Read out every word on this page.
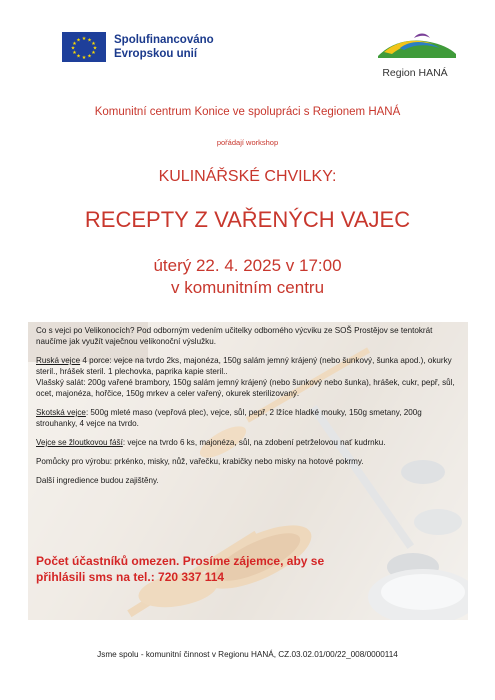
★ ★
★
★
★
★
★
★
★
★
★
★	Spolufinancováno
Evropskou unií
Region HANÁ
Komunitní centrum Konice ve spolupráci s Regionem HANÁ
pořádají workshop
KULINÁŘSKÉ CHVILKY:
RECEPTY Z VAŘENÝCH VAJEC
úterý 22. 4. 2025 v 17:00
v komunitním centru

Co s vejci po Velikonocích? Pod odborným vedením učitelky odborného výcviku ze SOŠ Prostějov se tentokrát naučíme jak využít vaječnou velikonoční výslužku.

Ruská vejce 4 porce: vejce na tvrdo 2ks, majonéza, 150g salám jemný krájený (nebo šunkový, šunka apod.), okurky steril., hrášek steril. 1 plechovka, paprika kapie steril..

Vlašský salát: 200g vařené brambory, 150g salám jemný krájený (nebo šunkový nebo šunka), hrášek, cukr, pepř, sůl, ocet, majonéza, hořčice, 150g mrkev a celer vařený, okurek sterilizovaný.

Skotská vejce: 500g mleté maso (vepřová plec), vejce, sůl, pepř, 2 lžíce hladké mouky, 150g smetany, 200g strouhanky, 4 vejce na tvrdo.

Vejce se žloutkovou fáší: vejce na tvrdo 6 ks, majonéza, sůl, na zdobení petrželovou nať kudrnku.

Pomůcky pro výrobu: prkénko, misky, nůž, vařečku, krabičky nebo misky na hotové pokrmy.

Další ingredience budou zajištěny.

Počet účastníků omezen. Prosíme zájemce, aby se
přihlásili sms na tel.: 720 337 114
Jsme spolu - komunitní činnost v Regionu HANÁ, CZ.03.02.01/00/22_008/0000114
